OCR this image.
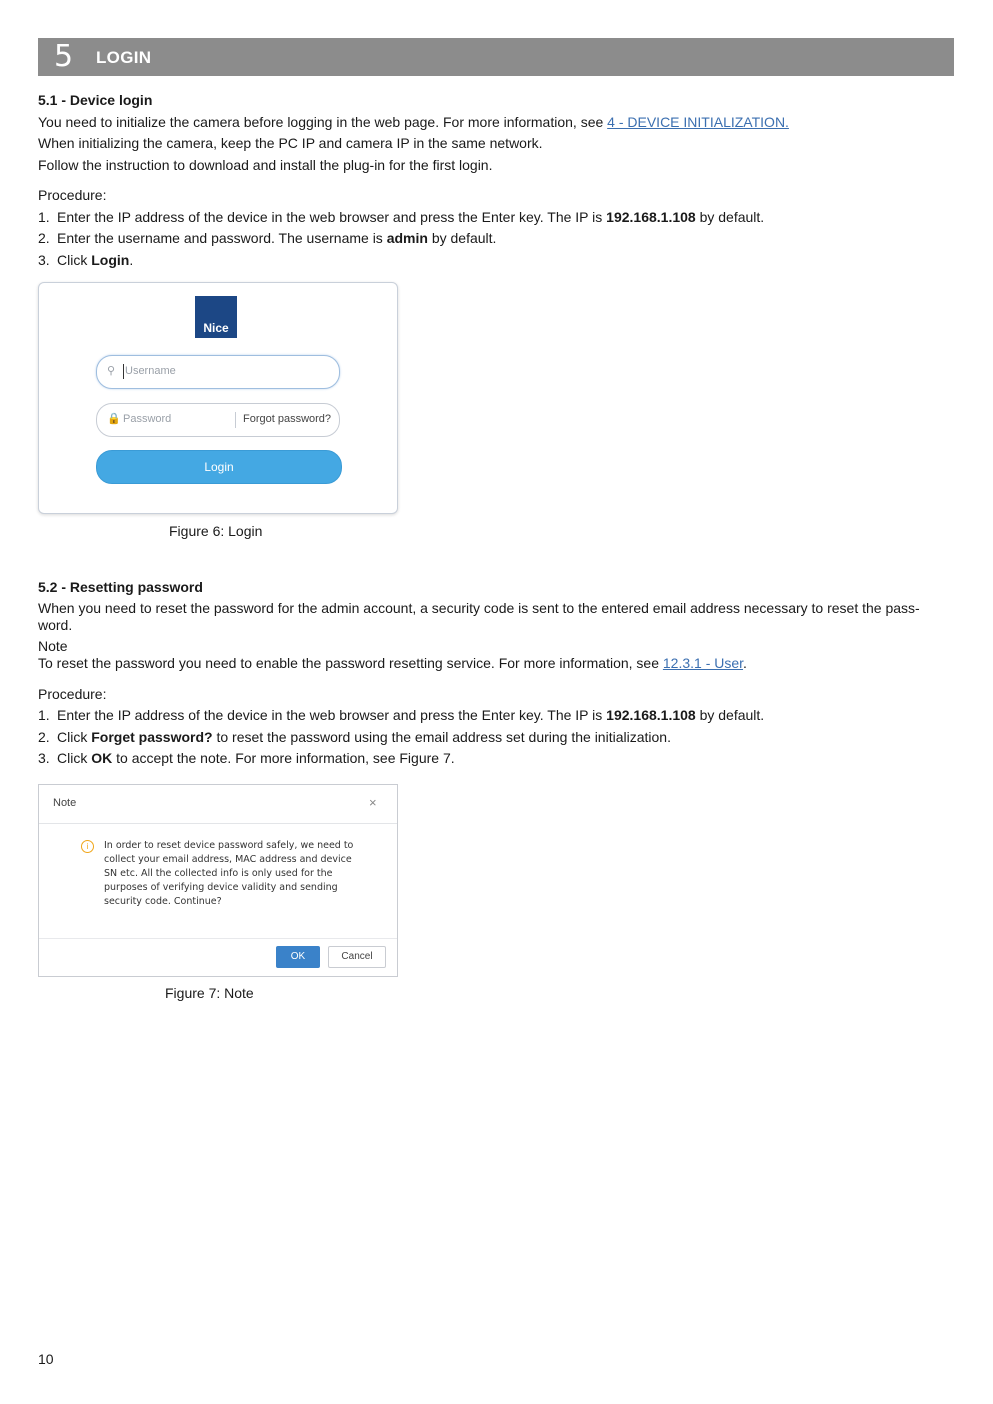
5 LOGIN
5.1 - Device login
You need to initialize the camera before logging in the web page. For more information, see 4 - DEVICE INITIALIZATION.
When initializing the camera, keep the PC IP and camera IP in the same network.
Follow the instruction to download and install the plug-in for the first login.
Procedure:
1. Enter the IP address of the device in the web browser and press the Enter key. The IP is 192.168.1.108 by default.
2. Enter the username and password. The username is admin by default.
3. Click Login.
Nice
⚲ Username
🔒 Password	Forgot password?
Login
Figure 6: Login
5.2 - Resetting password
When you need to reset the password for the admin account, a security code is sent to the entered email address necessary to reset the pass-
word.
Note
To reset the password you need to enable the password resetting service. For more information, see 12.3.1 - User.
Procedure:
1. Enter the IP address of the device in the web browser and press the Enter key. The IP is 192.168.1.108 by default.
2. Click Forget password? to reset the password using the email address set during the initialization.
3. Click OK to accept the note. For more information, see Figure 7.
Note	×
i	In order to reset device password safely, we need to
collect your email address, MAC address and device
SN etc. All the collected info is only used for the
purposes of verifying device validity and sending
security code. Continue?
OK	Cancel
Figure 7: Note
10
